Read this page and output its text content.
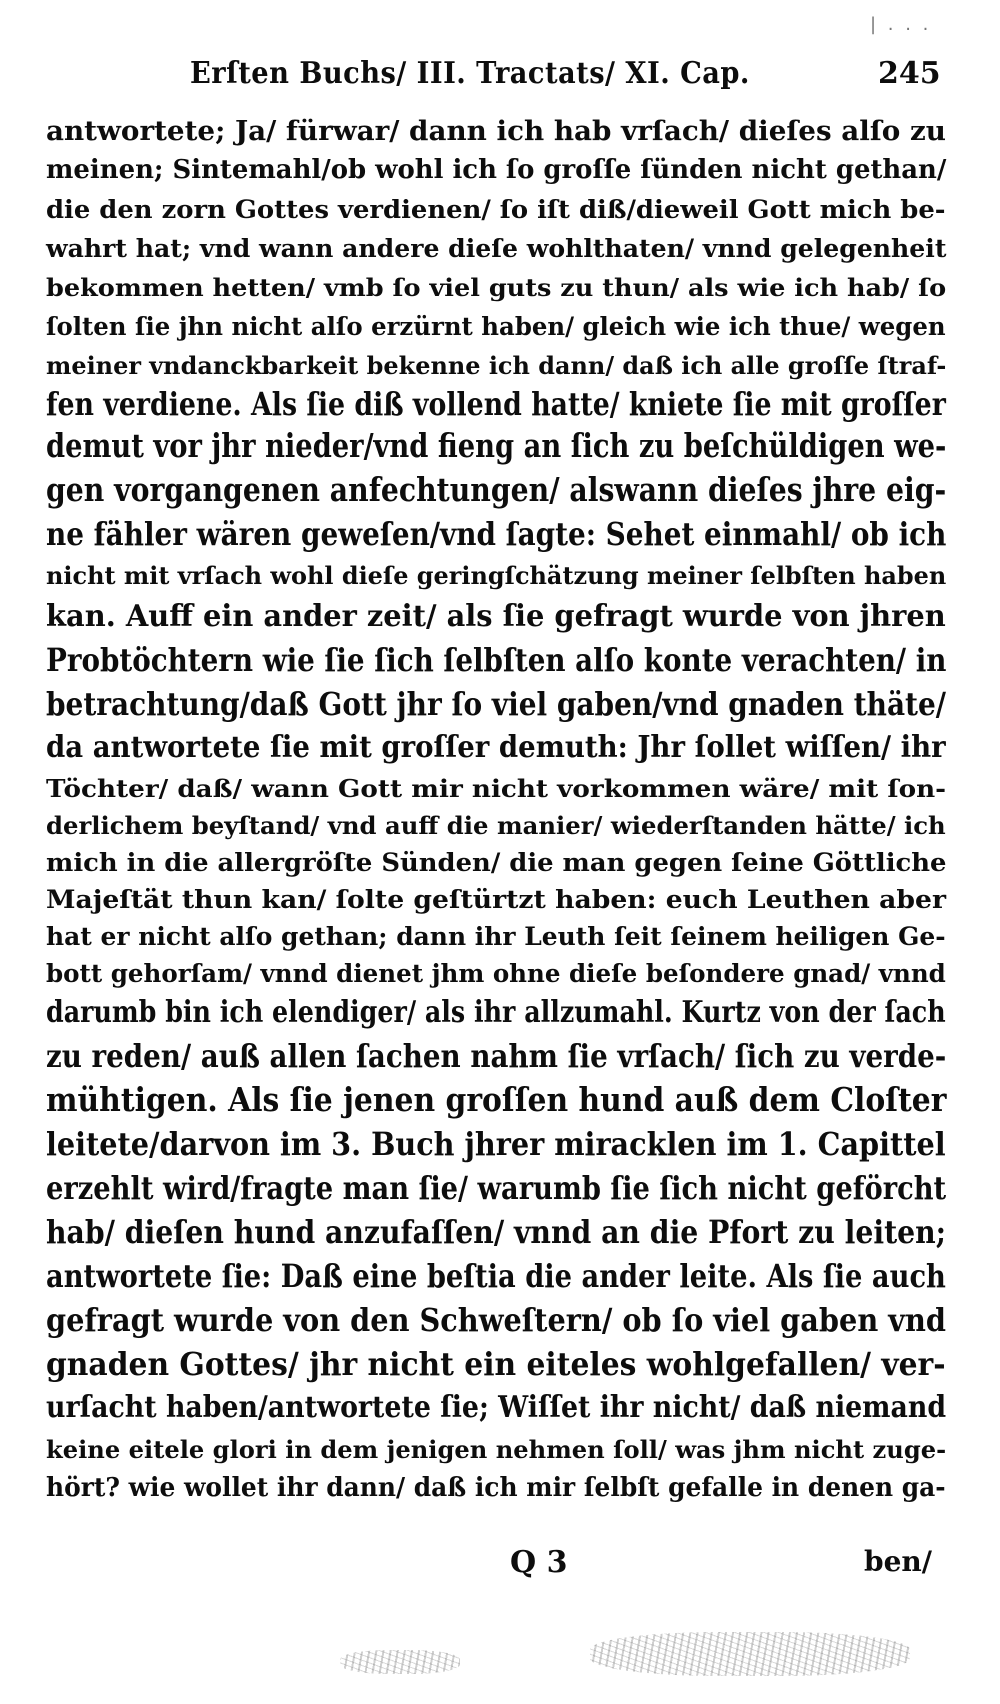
Erſten Buchs/ III. Tractats/ XI. Cap.	245
| . . .
antwortete; Ja/ fürwar/ dann ich hab vrſach/ dieſes alſo zu
meinen; Sintemahl/ob wohl ich ſo groſſe ſünden nicht gethan/
die den zorn Gottes verdienen/ ſo iſt diß/dieweil Gott mich be-
wahrt hat; vnd wann andere dieſe wohlthaten/ vnnd gelegenheit
bekommen hetten/ vmb ſo viel guts zu thun/ als wie ich hab/ ſo
ſolten ſie jhn nicht alſo erzürnt haben/ gleich wie ich thue/ wegen
meiner vndanckbarkeit bekenne ich dann/ daß ich alle groſſe ſtraf-
fen verdiene. Als ſie diß vollend hatte/ kniete ſie mit groſſer
demut vor jhr nieder/vnd fieng an ſich zu beſchüldigen we-
gen vorgangenen anfechtungen/ alswann dieſes jhre eig-
ne fähler wären geweſen/vnd ſagte: Sehet einmahl/ ob ich
nicht mit vrſach wohl dieſe geringſchätzung meiner ſelbſten haben
kan. Auff ein ander zeit/ als ſie gefragt wurde von jhren
Probtöchtern wie ſie ſich ſelbſten alſo konte verachten/ in
betrachtung/daß Gott jhr ſo viel gaben/vnd gnaden thäte/
da antwortete ſie mit groſſer demuth: Jhr ſollet wiſſen/ ihr
Töchter/ daß/ wann Gott mir nicht vorkommen wäre/ mit ſon-
derlichem beyſtand/ vnd auff die manier/ wiederſtanden hätte/ ich
mich in die allergröſte Sünden/ die man gegen ſeine Göttliche
Majeſtät thun kan/ ſolte geſtürtzt haben: euch Leuthen aber
hat er nicht alſo gethan; dann ihr Leuth ſeit ſeinem heiligen Ge-
bott gehorſam/ vnnd dienet jhm ohne dieſe beſondere gnad/ vnnd
darumb bin ich elendiger/ als ihr allzumahl. Kurtz von der ſach
zu reden/ auß allen ſachen nahm ſie vrſach/ ſich zu verde-
mühtigen. Als ſie jenen groſſen hund auß dem Cloſter
leitete/darvon im 3. Buch jhrer miracklen im 1. Capittel
erzehlt wird/fragte man ſie/ warumb ſie ſich nicht geförcht
hab/ dieſen hund anzufaſſen/ vnnd an die Pfort zu leiten;
antwortete ſie: Daß eine beſtia die ander leite. Als ſie auch
gefragt wurde von den Schweſtern/ ob ſo viel gaben vnd
gnaden Gottes/ jhr nicht ein eiteles wohlgefallen/ ver-
urſacht haben/antwortete ſie; Wiſſet ihr nicht/ daß niemand
keine eitele glori in dem jenigen nehmen ſoll/ was jhm nicht zuge-
hört? wie wollet ihr dann/ daß ich mir ſelbſt gefalle in denen ga-
Q 3	ben/
